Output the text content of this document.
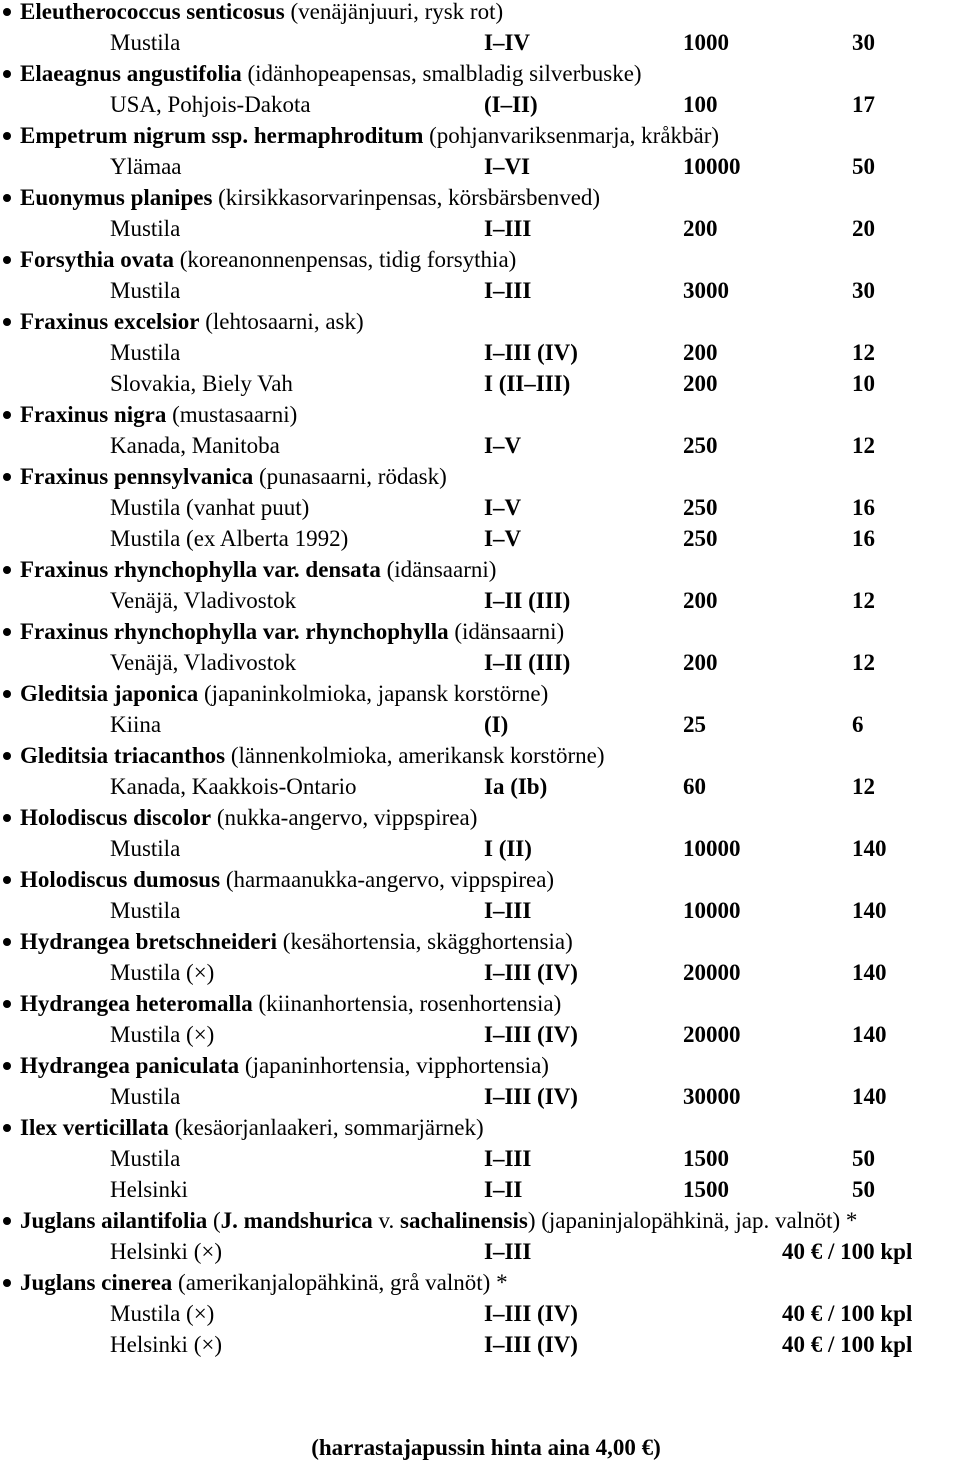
Eleutherococcus senticosus (venäjänjuuri, rysk rot)
Mustila	I–IV	1000	30
Elaeagnus angustifolia (idänhopeapensas, smalbladig silverbuske)
USA, Pohjois-Dakota	(I–II)	100	17
Empetrum nigrum ssp. hermaphroditum (pohjanvariksenmarja, kråkbär)
Ylämaa	I–VI	10000	50
Euonymus planipes (kirsikkasorvarinpensas, körsbärsbenved)
Mustila	I–III	200	20
Forsythia ovata (koreanonnenpensas, tidig forsythia)
Mustila	I–III	3000	30
Fraxinus excelsior (lehtosaarni, ask)
Mustila	I–III (IV)	200	12
Slovakia, Biely Vah	I (II–III)	200	10
Fraxinus nigra (mustasaarni)
Kanada, Manitoba	I–V	250	12
Fraxinus pennsylvanica (punasaarni, rödask)
Mustila (vanhat puut)	I–V	250	16
Mustila (ex Alberta 1992)	I–V	250	16
Fraxinus rhynchophylla var. densata (idänsaarni)
Venäjä, Vladivostok	I–II (III)	200	12
Fraxinus rhynchophylla var. rhynchophylla (idänsaarni)
Venäjä, Vladivostok	I–II (III)	200	12
Gleditsia japonica (japaninkolmioka, japansk korstörne)
Kiina	(I)	25	6
Gleditsia triacanthos (lännenkolmioka, amerikansk korstörne)
Kanada, Kaakkois-Ontario	Ia (Ib)	60	12
Holodiscus discolor (nukka-angervo, vippspirea)
Mustila	I (II)	10000	140
Holodiscus dumosus (harmaanukka-angervo, vippspirea)
Mustila	I–III	10000	140
Hydrangea bretschneideri (kesähortensia, skägghortensia)
Mustila (×)	I–III (IV)	20000	140
Hydrangea heteromalla (kiinanhortensia, rosenhortensia)
Mustila (×)	I–III (IV)	20000	140
Hydrangea paniculata (japaninhortensia, vipphortensia)
Mustila	I–III (IV)	30000	140
Ilex verticillata (kesäorjanlaakeri, sommarjärnek)
Mustila	I–III	1500	50
Helsinki	I–II	1500	50
Juglans ailantifolia (J. mandshurica v. sachalinensis) (japaninjalopähkinä, jap. valnöt) *
Helsinki (×)	I–III	40 € / 100 kpl
Juglans cinerea (amerikanjalopähkinä, grå valnöt) *
Mustila (×)	I–III (IV)	40 € / 100 kpl
Helsinki (×)	I–III (IV)	40 € / 100 kpl
(harrastajapussin hinta aina 4,00 €)
